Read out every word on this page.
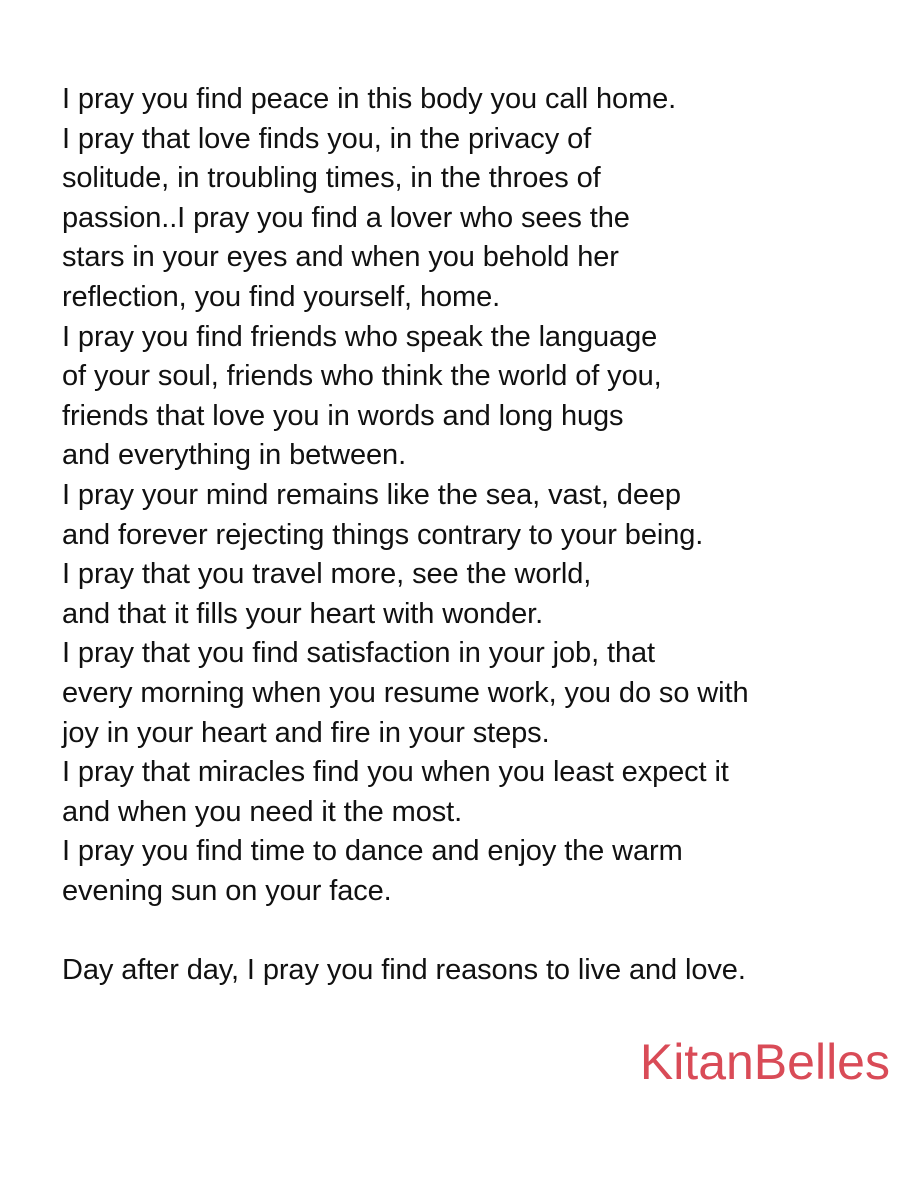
I pray you find peace in this body you call home.
I pray that love finds you, in the privacy of
solitude, in troubling times, in the throes of
passion..I pray you find a lover who sees the
stars in your eyes and when you behold her
reflection, you find yourself, home.
I pray you find friends who speak the language
of your soul, friends who think the world of you,
friends that love you in words and long hugs
and everything in between.
I pray your mind remains like the sea, vast, deep
and forever rejecting things contrary to your being.
I pray that you travel more, see the world,
and that it fills your heart with wonder.
I pray that you find satisfaction in your job, that
every morning when you resume work, you do so with
joy in your heart and fire in your steps.
I pray that miracles find you when you least expect it
and when you need it the most.
I pray you find time to dance and enjoy the warm
evening sun on your face.
Day after day, I pray you find reasons to live and love.
KitanBelles
